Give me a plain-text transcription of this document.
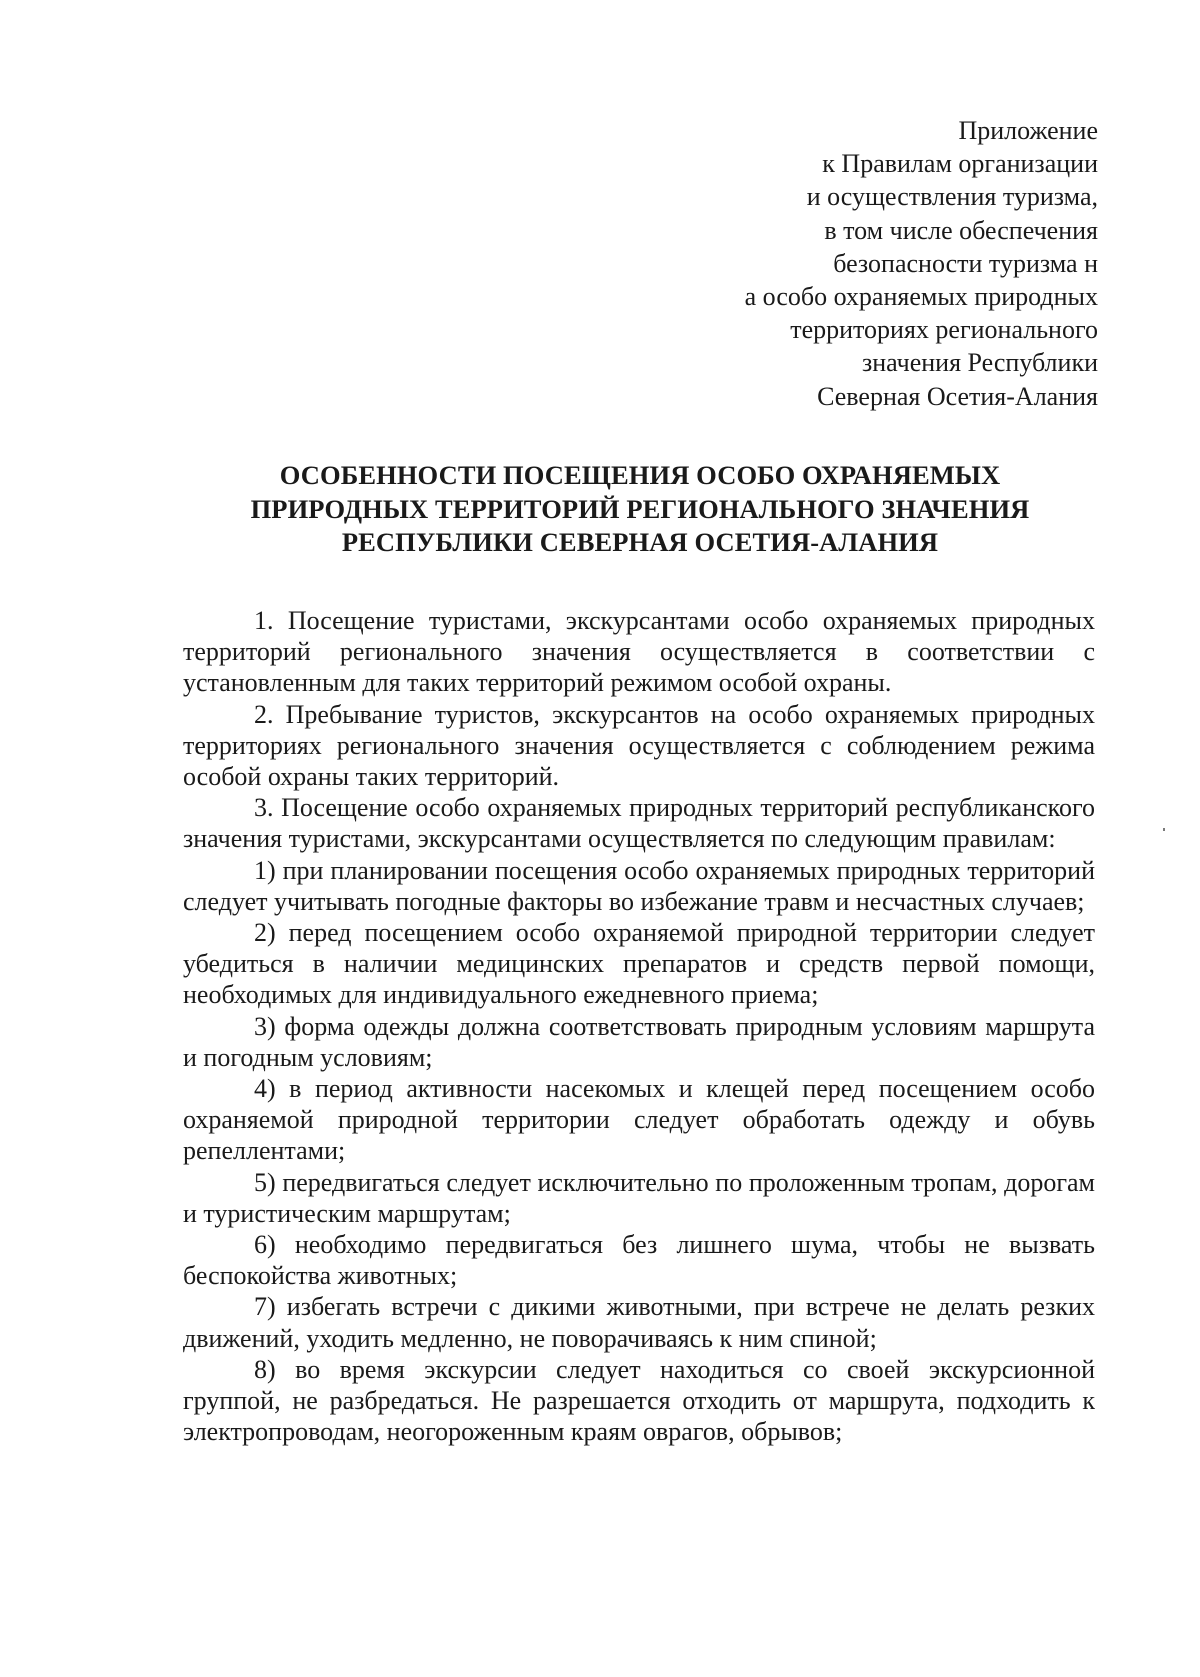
Приложение
к Правилам организации
и осуществления туризма,
в том числе обеспечения
безопасности туризма н
а особо охраняемых природных
территориях регионального
значения Республики
Северная Осетия-Алания
ОСОБЕННОСТИ ПОСЕЩЕНИЯ ОСОБО ОХРАНЯЕМЫХ
ПРИРОДНЫХ ТЕРРИТОРИЙ РЕГИОНАЛЬНОГО ЗНАЧЕНИЯ
РЕСПУБЛИКИ СЕВЕРНАЯ ОСЕТИЯ-АЛАНИЯ

1. Посещение туристами, экскурсантами особо охраняемых природных территорий регионального значения осуществляется в соответствии с установленным для таких территорий режимом особой охраны.

2. Пребывание туристов, экскурсантов на особо охраняемых природных территориях регионального значения осуществляется с соблюдением режима особой охраны таких территорий.

3. Посещение особо охраняемых природных территорий республиканского значения туристами, экскурсантами осуществляется по следующим правилам:

1) при планировании посещения особо охраняемых природных территорий следует учитывать погодные факторы во избежание травм и несчастных случаев;

2) перед посещением особо охраняемой природной территории следует убедиться в наличии медицинских препаратов и средств первой помощи, необходимых для индивидуального ежедневного приема;

3) форма одежды должна соответствовать природным условиям маршрута и погодным условиям;

4) в период активности насекомых и клещей перед посещением особо охраняемой природной территории следует обработать одежду и обувь репеллентами;

5) передвигаться следует исключительно по проложенным тропам, дорогам и туристическим маршрутам;

6) необходимо передвигаться без лишнего шума, чтобы не вызвать беспокойства животных;

7) избегать встречи с дикими животными, при встрече не делать резких движений, уходить медленно, не поворачиваясь к ним спиной;

8) во время экскурсии следует находиться со своей экскурсионной группой, не разбредаться. Не разрешается отходить от маршрута, подходить к электропроводам, неогороженным краям оврагов, обрывов;
